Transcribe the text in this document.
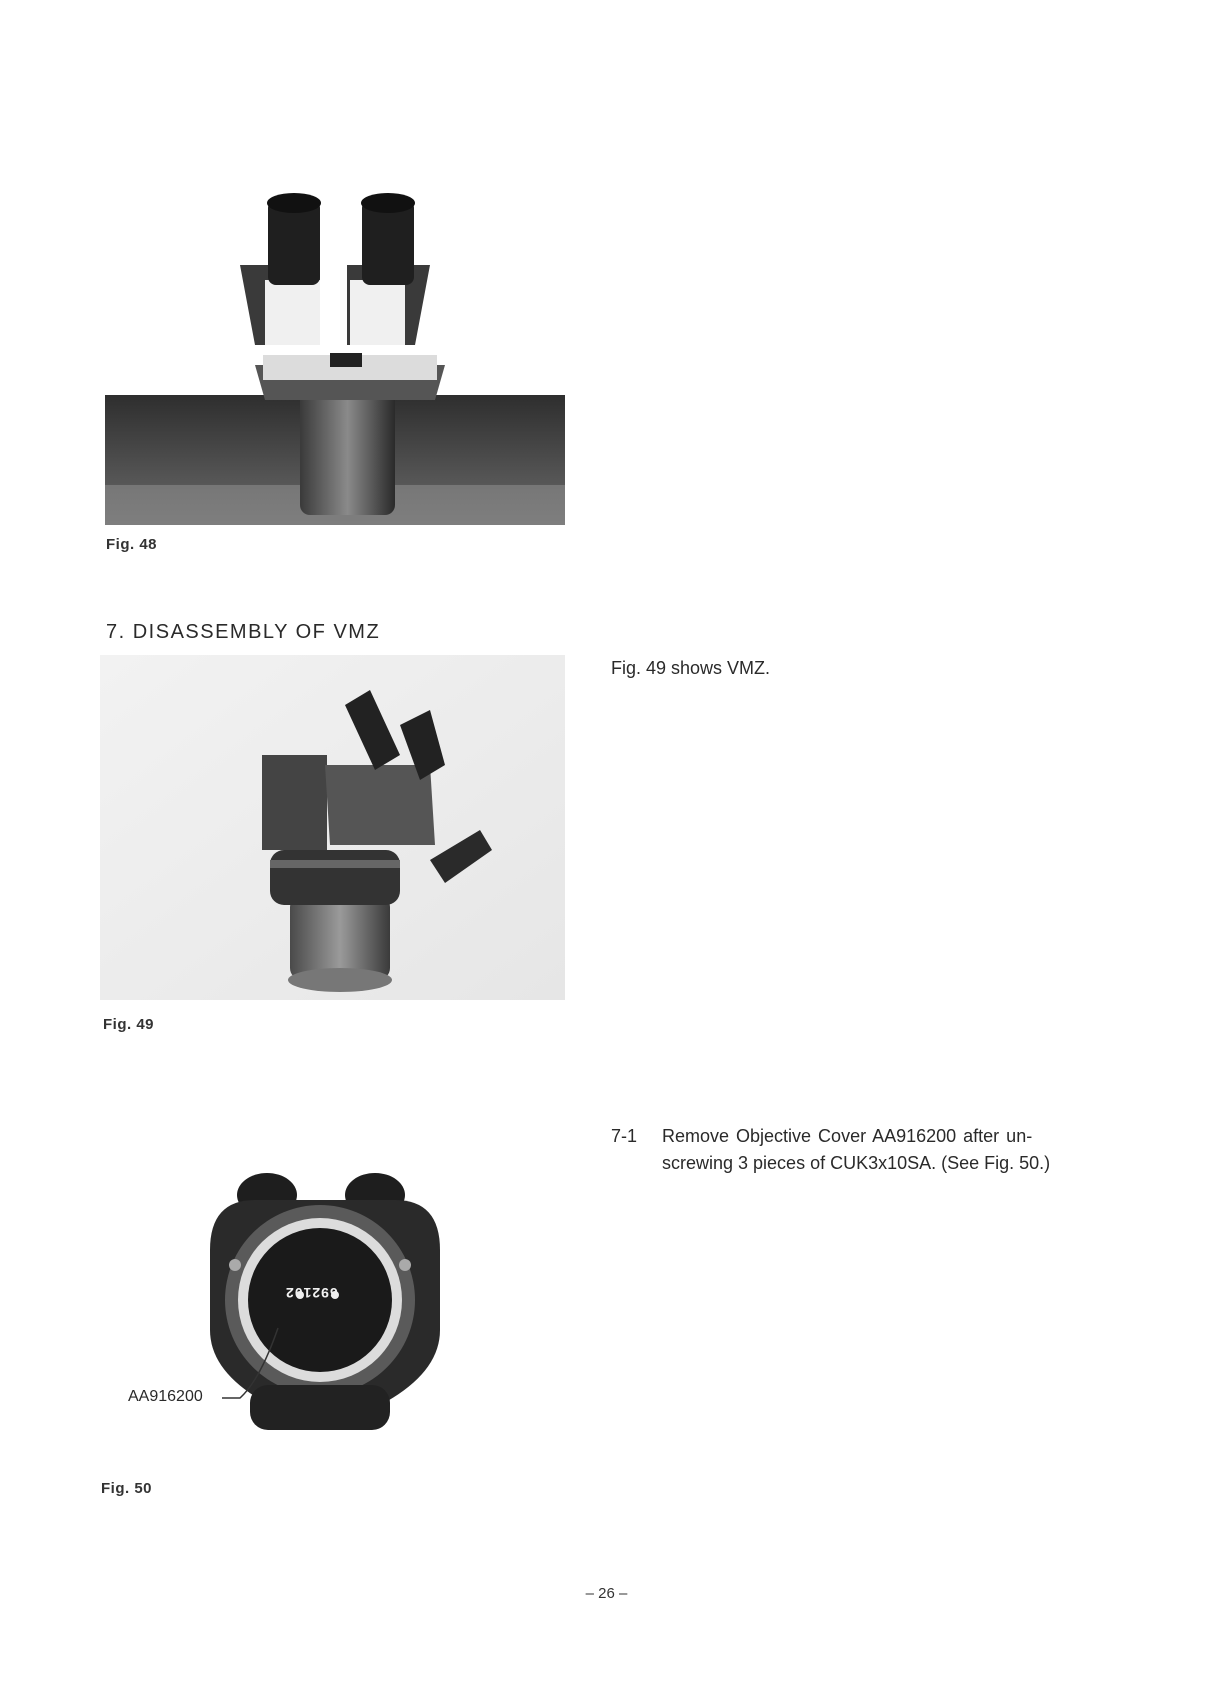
Fig. 48
7. DISASSEMBLY OF VMZ
Fig. 49 shows VMZ.
Fig. 49
7-1 Remove Objective Cover AA916200 after un-
screwing 3 pieces of CUK3x10SA. (See Fig. 50.)
692102
AA916200
Fig. 50
– 26 –
